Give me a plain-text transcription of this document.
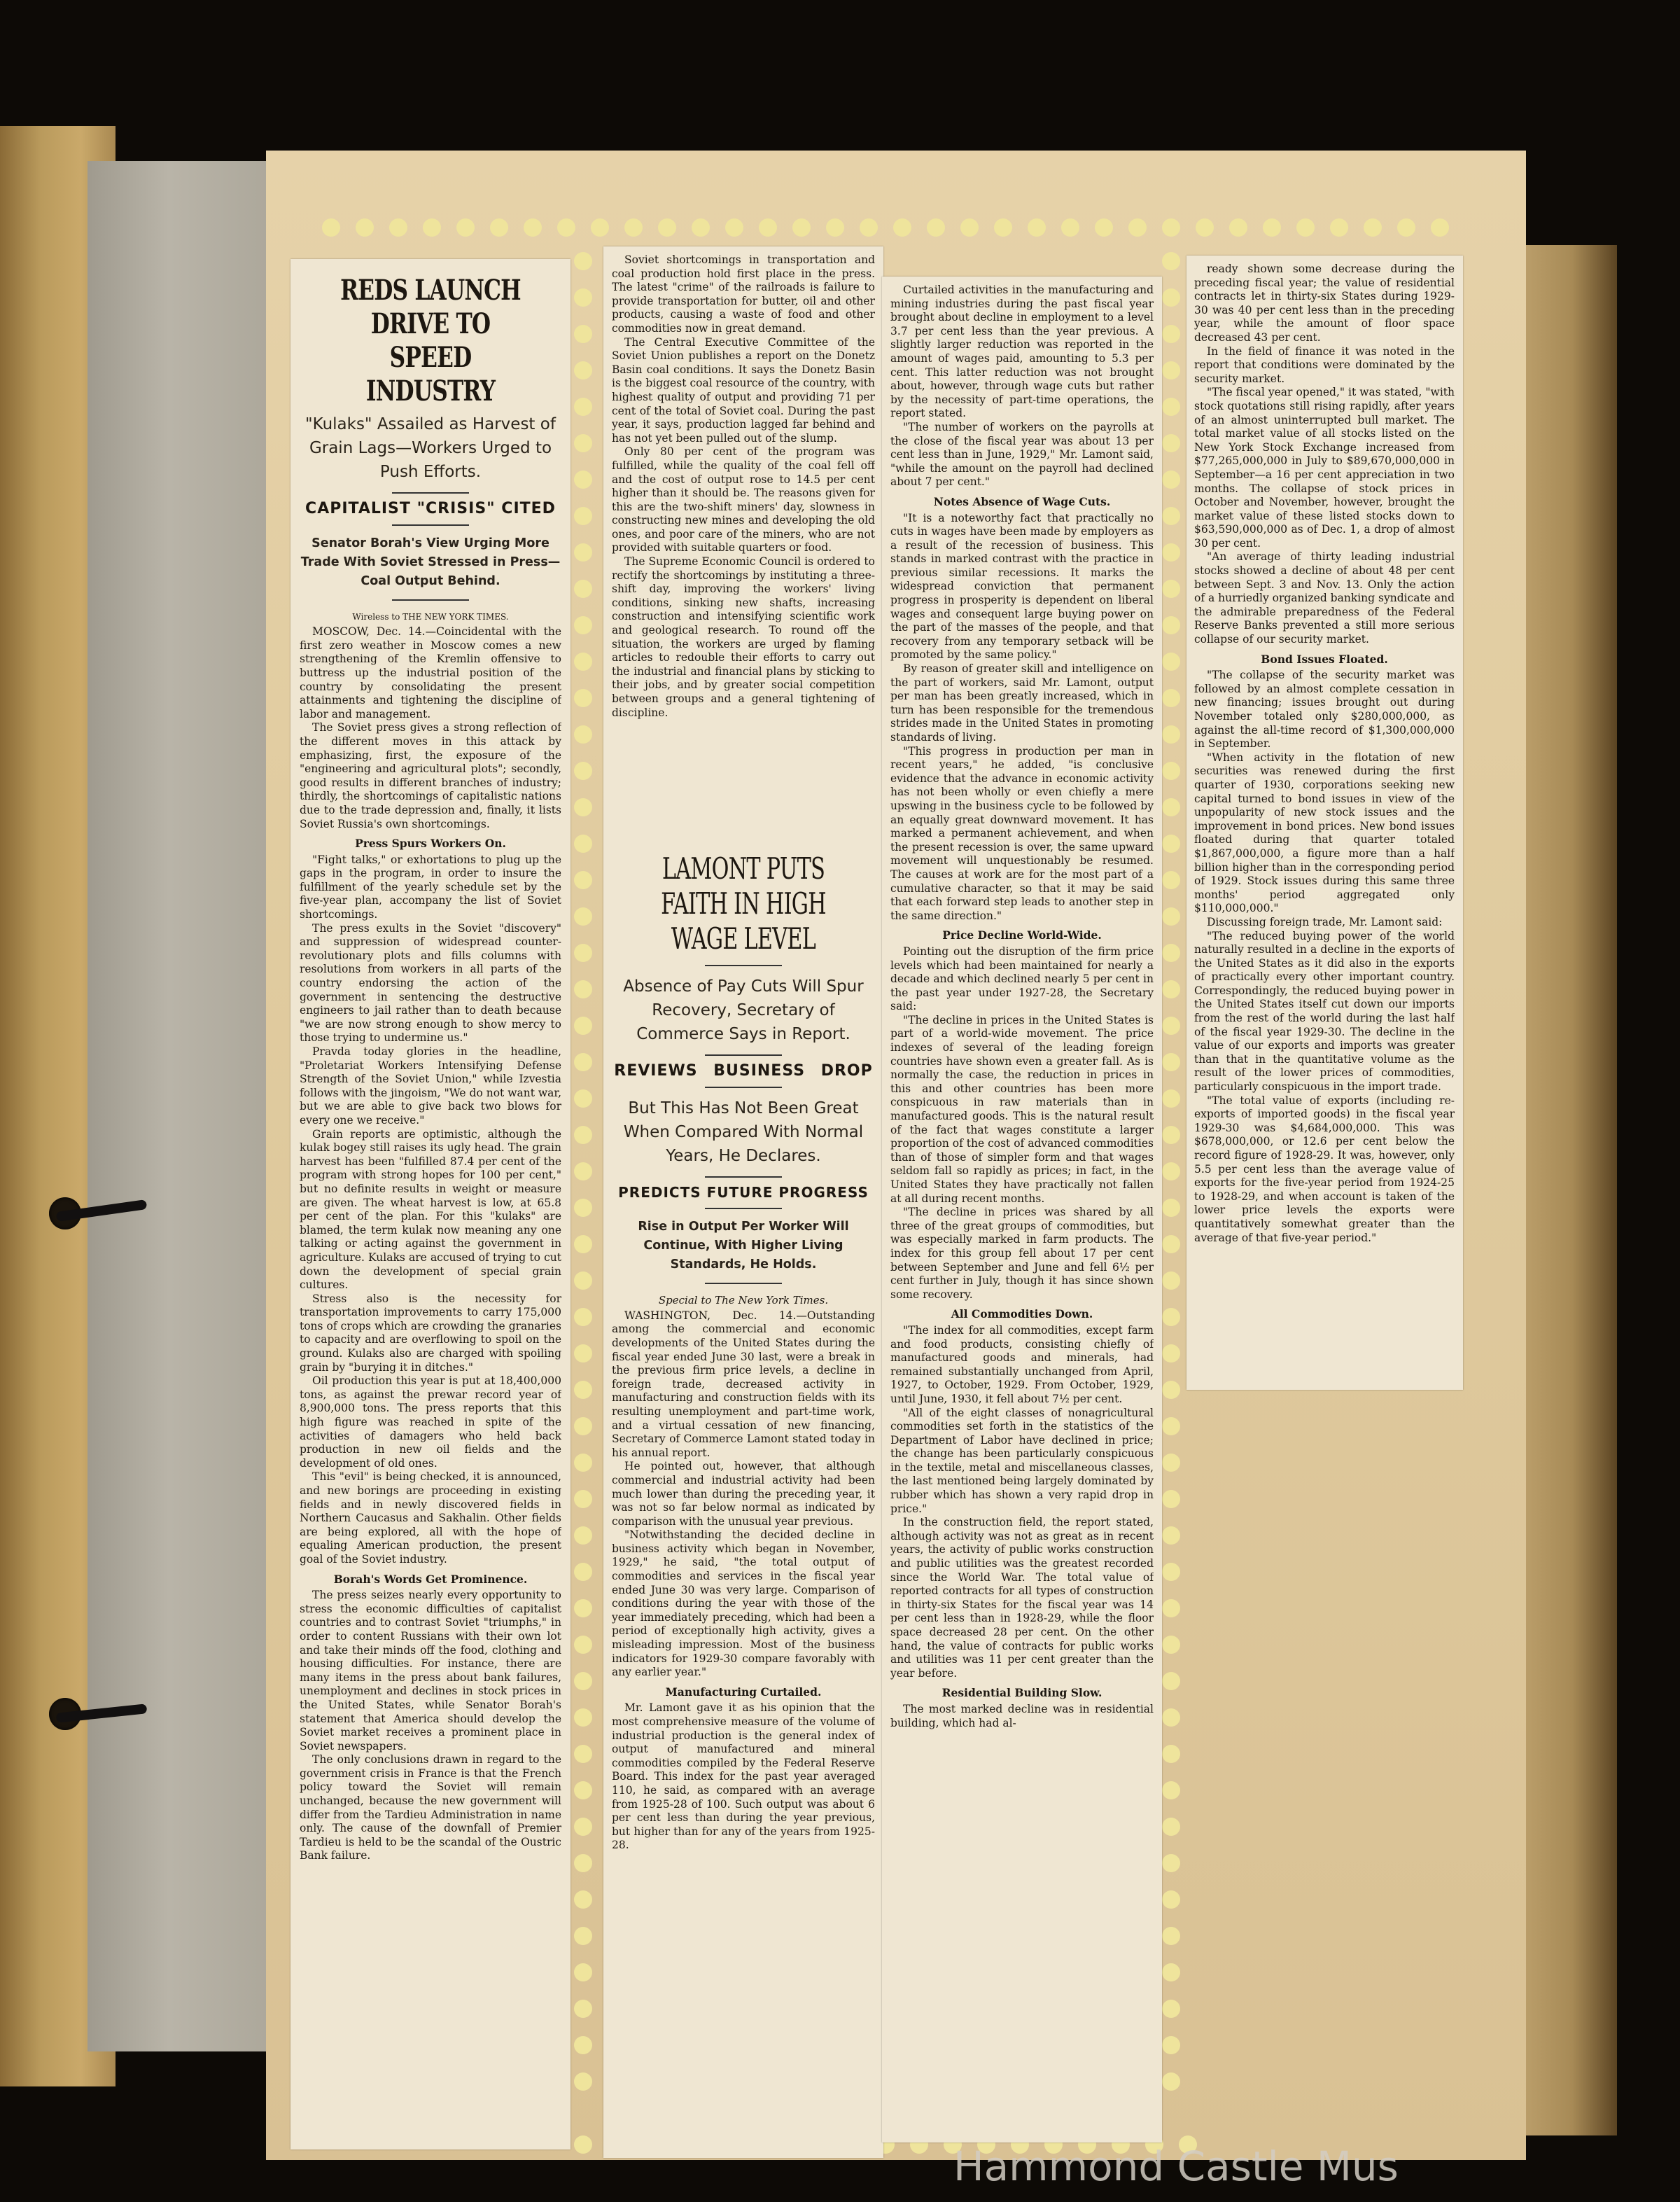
REDS LAUNCH DRIVE TO SPEED INDUSTRY
"Kulaks" Assailed as Harvest of Grain Lags—Workers Urged to Push Efforts.
CAPITALIST "CRISIS" CITED
Senator Borah's View Urging More Trade With Soviet Stressed in Press—Coal Output Behind.
Wireless to THE NEW YORK TIMES.

MOSCOW, Dec. 14.—Coincidental with the first zero weather in Moscow comes a new strengthening of the Kremlin offensive to buttress up the industrial position of the country by consolidating the present attainments and tightening the discipline of labor and management.

The Soviet press gives a strong reflection of the different moves in this attack by emphasizing, first, the exposure of the "engineering and agricultural plots"; secondly, good results in different branches of industry; thirdly, the shortcomings of capitalistic nations due to the trade depression and, finally, it lists Soviet Russia's own shortcomings.

Press Spurs Workers On.

"Fight talks," or exhortations to plug up the gaps in the program, in order to insure the fulfillment of the yearly schedule set by the five-year plan, accompany the list of Soviet shortcomings.

The press exults in the Soviet "discovery" and suppression of widespread counter-revolutionary plots and fills columns with resolutions from workers in all parts of the country endorsing the action of the government in sentencing the destructive engineers to jail rather than to death because "we are now strong enough to show mercy to those trying to undermine us."

Pravda today glories in the headline, "Proletariat Workers Intensifying Defense Strength of the Soviet Union," while Izvestia follows with the jingoism, "We do not want war, but we are able to give back two blows for every one we receive."

Grain reports are optimistic, although the kulak bogey still raises its ugly head. The grain harvest has been "fulfilled 87.4 per cent of the program with strong hopes for 100 per cent," but no definite results in weight or measure are given. The wheat harvest is low, at 65.8 per cent of the plan. For this "kulaks" are blamed, the term kulak now meaning any one talking or acting against the government in agriculture. Kulaks are accused of trying to cut down the development of special grain cultures.

Stress also is the necessity for transportation improvements to carry 175,000 tons of crops which are crowding the granaries to capacity and are overflowing to spoil on the ground. Kulaks also are charged with spoiling grain by "burying it in ditches."

Oil production this year is put at 18,400,000 tons, as against the prewar record year of 8,900,000 tons. The press reports that this high figure was reached in spite of the activities of damagers who held back production in new oil fields and the development of old ones.

This "evil" is being checked, it is announced, and new borings are proceeding in existing fields and in newly discovered fields in Northern Caucasus and Sakhalin. Other fields are being explored, all with the hope of equaling American production, the present goal of the Soviet industry.

Borah's Words Get Prominence.

The press seizes nearly every opportunity to stress the economic difficulties of capitalist countries and to contrast Soviet "triumphs," in order to content Russians with their own lot and take their minds off the food, clothing and housing difficulties. For instance, there are many items in the press about bank failures, unemployment and declines in stock prices in the United States, while Senator Borah's statement that America should develop the Soviet market receives a prominent place in Soviet newspapers.

The only conclusions drawn in regard to the government crisis in France is that the French policy toward the Soviet will remain unchanged, because the new government will differ from the Tardieu Administration in name only. The cause of the downfall of Premier Tardieu is held to be the scandal of the Oustric Bank failure.

Soviet shortcomings in transportation and coal production hold first place in the press. The latest "crime" of the railroads is failure to provide transportation for butter, oil and other products, causing a waste of food and other commodities now in great demand.

The Central Executive Committee of the Soviet Union publishes a report on the Donetz Basin coal conditions. It says the Donetz Basin is the biggest coal resource of the country, with highest quality of output and providing 71 per cent of the total of Soviet coal. During the past year, it says, production lagged far behind and has not yet been pulled out of the slump.

Only 80 per cent of the program was fulfilled, while the quality of the coal fell off and the cost of output rose to 14.5 per cent higher than it should be. The reasons given for this are the two-shift miners' day, slowness in constructing new mines and developing the old ones, and poor care of the miners, who are not provided with suitable quarters or food.

The Supreme Economic Council is ordered to rectify the shortcomings by instituting a three-shift day, improving the workers' living conditions, sinking new shafts, increasing construction and intensifying scientific work and geological research. To round off the situation, the workers are urged by flaming articles to redouble their efforts to carry out the industrial and financial plans by sticking to their jobs, and by greater social competition between groups and a general tightening of discipline.

LAMONT PUTS FAITH IN HIGH WAGE LEVEL
Absence of Pay Cuts Will Spur Recovery, Secretary of Commerce Says in Report.
REVIEWS BUSINESS DROP
But This Has Not Been Great When Compared With Normal Years, He Declares.
PREDICTS FUTURE PROGRESS
Rise in Output Per Worker Will Continue, With Higher Living Standards, He Holds.
Special to The New York Times.

WASHINGTON, Dec. 14.—Outstanding among the commercial and economic developments of the United States during the fiscal year ended June 30 last, were a break in the previous firm price levels, a decline in foreign trade, decreased activity in manufacturing and construction fields with its resulting unemployment and part-time work, and a virtual cessation of new financing, Secretary of Commerce Lamont stated today in his annual report.

He pointed out, however, that although commercial and industrial activity had been much lower than during the preceding year, it was not so far below normal as indicated by comparison with the unusual year previous.

"Notwithstanding the decided decline in business activity which began in November, 1929," he said, "the total output of commodities and services in the fiscal year ended June 30 was very large. Comparison of conditions during the year with those of the year immediately preceding, which had been a period of exceptionally high activity, gives a misleading impression. Most of the business indicators for 1929-30 compare favorably with any earlier year."

Manufacturing Curtailed.

Mr. Lamont gave it as his opinion that the most comprehensive measure of the volume of industrial production is the general index of output of manufactured and mineral commodities compiled by the Federal Reserve Board. This index for the past year averaged 110, he said, as compared with an average from 1925-28 of 100. Such output was about 6 per cent less than during the year previous, but higher than for any of the years from 1925-28.

Curtailed activities in the manufacturing and mining industries during the past fiscal year brought about decline in employment to a level 3.7 per cent less than the year previous. A slightly larger reduction was reported in the amount of wages paid, amounting to 5.3 per cent. This latter reduction was not brought about, however, through wage cuts but rather by the necessity of part-time operations, the report stated.

"The number of workers on the payrolls at the close of the fiscal year was about 13 per cent less than in June, 1929," Mr. Lamont said, "while the amount on the payroll had declined about 7 per cent."

Notes Absence of Wage Cuts.

"It is a noteworthy fact that practically no cuts in wages have been made by employers as a result of the recession of business. This stands in marked contrast with the practice in previous similar recessions. It marks the widespread conviction that permanent progress in prosperity is dependent on liberal wages and consequent large buying power on the part of the masses of the people, and that recovery from any temporary setback will be promoted by the same policy."

By reason of greater skill and intelligence on the part of workers, said Mr. Lamont, output per man has been greatly increased, which in turn has been responsible for the tremendous strides made in the United States in promoting standards of living.

"This progress in production per man in recent years," he added, "is conclusive evidence that the advance in economic activity has not been wholly or even chiefly a mere upswing in the business cycle to be followed by an equally great downward movement. It has marked a permanent achievement, and when the present recession is over, the same upward movement will unquestionably be resumed. The causes at work are for the most part of a cumulative character, so that it may be said that each forward step leads to another step in the same direction."

Price Decline World-Wide.

Pointing out the disruption of the firm price levels which had been maintained for nearly a decade and which declined nearly 5 per cent in the past year under 1927-28, the Secretary said:

"The decline in prices in the United States is part of a world-wide movement. The price indexes of several of the leading foreign countries have shown even a greater fall. As is normally the case, the reduction in prices in this and other countries has been more conspicuous in raw materials than in manufactured goods. This is the natural result of the fact that wages constitute a larger proportion of the cost of advanced commodities than of those of simpler form and that wages seldom fall so rapidly as prices; in fact, in the United States they have practically not fallen at all during recent months.

"The decline in prices was shared by all three of the great groups of commodities, but was especially marked in farm products. The index for this group fell about 17 per cent between September and June and fell 6½ per cent further in July, though it has since shown some recovery.

All Commodities Down.

"The index for all commodities, except farm and food products, consisting chiefly of manufactured goods and minerals, had remained substantially unchanged from April, 1927, to October, 1929. From October, 1929, until June, 1930, it fell about 7½ per cent.

"All of the eight classes of nonagricultural commodities set forth in the statistics of the Department of Labor have declined in price; the change has been particularly conspicuous in the textile, metal and miscellaneous classes, the last mentioned being largely dominated by rubber which has shown a very rapid drop in price."

In the construction field, the report stated, although activity was not as great as in recent years, the activity of public works construction and public utilities was the greatest recorded since the World War. The total value of reported contracts for all types of construction in thirty-six States for the fiscal year was 14 per cent less than in 1928-29, while the floor space decreased 28 per cent. On the other hand, the value of contracts for public works and utilities was 11 per cent greater than the year before.

Residential Building Slow.

The most marked decline was in residential building, which had al-

ready shown some decrease during the preceding fiscal year; the value of residential contracts let in thirty-six States during 1929-30 was 40 per cent less than in the preceding year, while the amount of floor space decreased 43 per cent.

In the field of finance it was noted in the report that conditions were dominated by the security market.

"The fiscal year opened," it was stated, "with stock quotations still rising rapidly, after years of an almost uninterrupted bull market. The total market value of all stocks listed on the New York Stock Exchange increased from $77,265,000,000 in July to $89,670,000,000 in September—a 16 per cent appreciation in two months. The collapse of stock prices in October and November, however, brought the market value of these listed stocks down to $63,590,000,000 as of Dec. 1, a drop of almost 30 per cent.

"An average of thirty leading industrial stocks showed a decline of about 48 per cent between Sept. 3 and Nov. 13. Only the action of a hurriedly organized banking syndicate and the admirable preparedness of the Federal Reserve Banks prevented a still more serious collapse of our security market.

Bond Issues Floated.

"The collapse of the security market was followed by an almost complete cessation in new financing; issues brought out during November totaled only $280,000,000, as against the all-time record of $1,300,000,000 in September.

"When activity in the flotation of new securities was renewed during the first quarter of 1930, corporations seeking new capital turned to bond issues in view of the unpopularity of new stock issues and the improvement in bond prices. New bond issues floated during that quarter totaled $1,867,000,000, a figure more than a half billion higher than in the corresponding period of 1929. Stock issues during this same three months' period aggregated only $110,000,000."

Discussing foreign trade, Mr. Lamont said:

"The reduced buying power of the world naturally resulted in a decline in the exports of the United States as it did also in the exports of practically every other important country. Correspondingly, the reduced buying power in the United States itself cut down our imports from the rest of the world during the last half of the fiscal year 1929-30. The decline in the value of our exports and imports was greater than that in the quantitative volume as the result of the lower prices of commodities, particularly conspicuous in the import trade.

"The total value of exports (including re-exports of imported goods) in the fiscal year 1929-30 was $4,684,000,000. This was $678,000,000, or 12.6 per cent below the record figure of 1928-29. It was, however, only 5.5 per cent less than the average value of exports for the five-year period from 1924-25 to 1928-29, and when account is taken of the lower price levels the exports were quantitatively somewhat greater than the average of that five-year period."

Hammond Castle Mus
